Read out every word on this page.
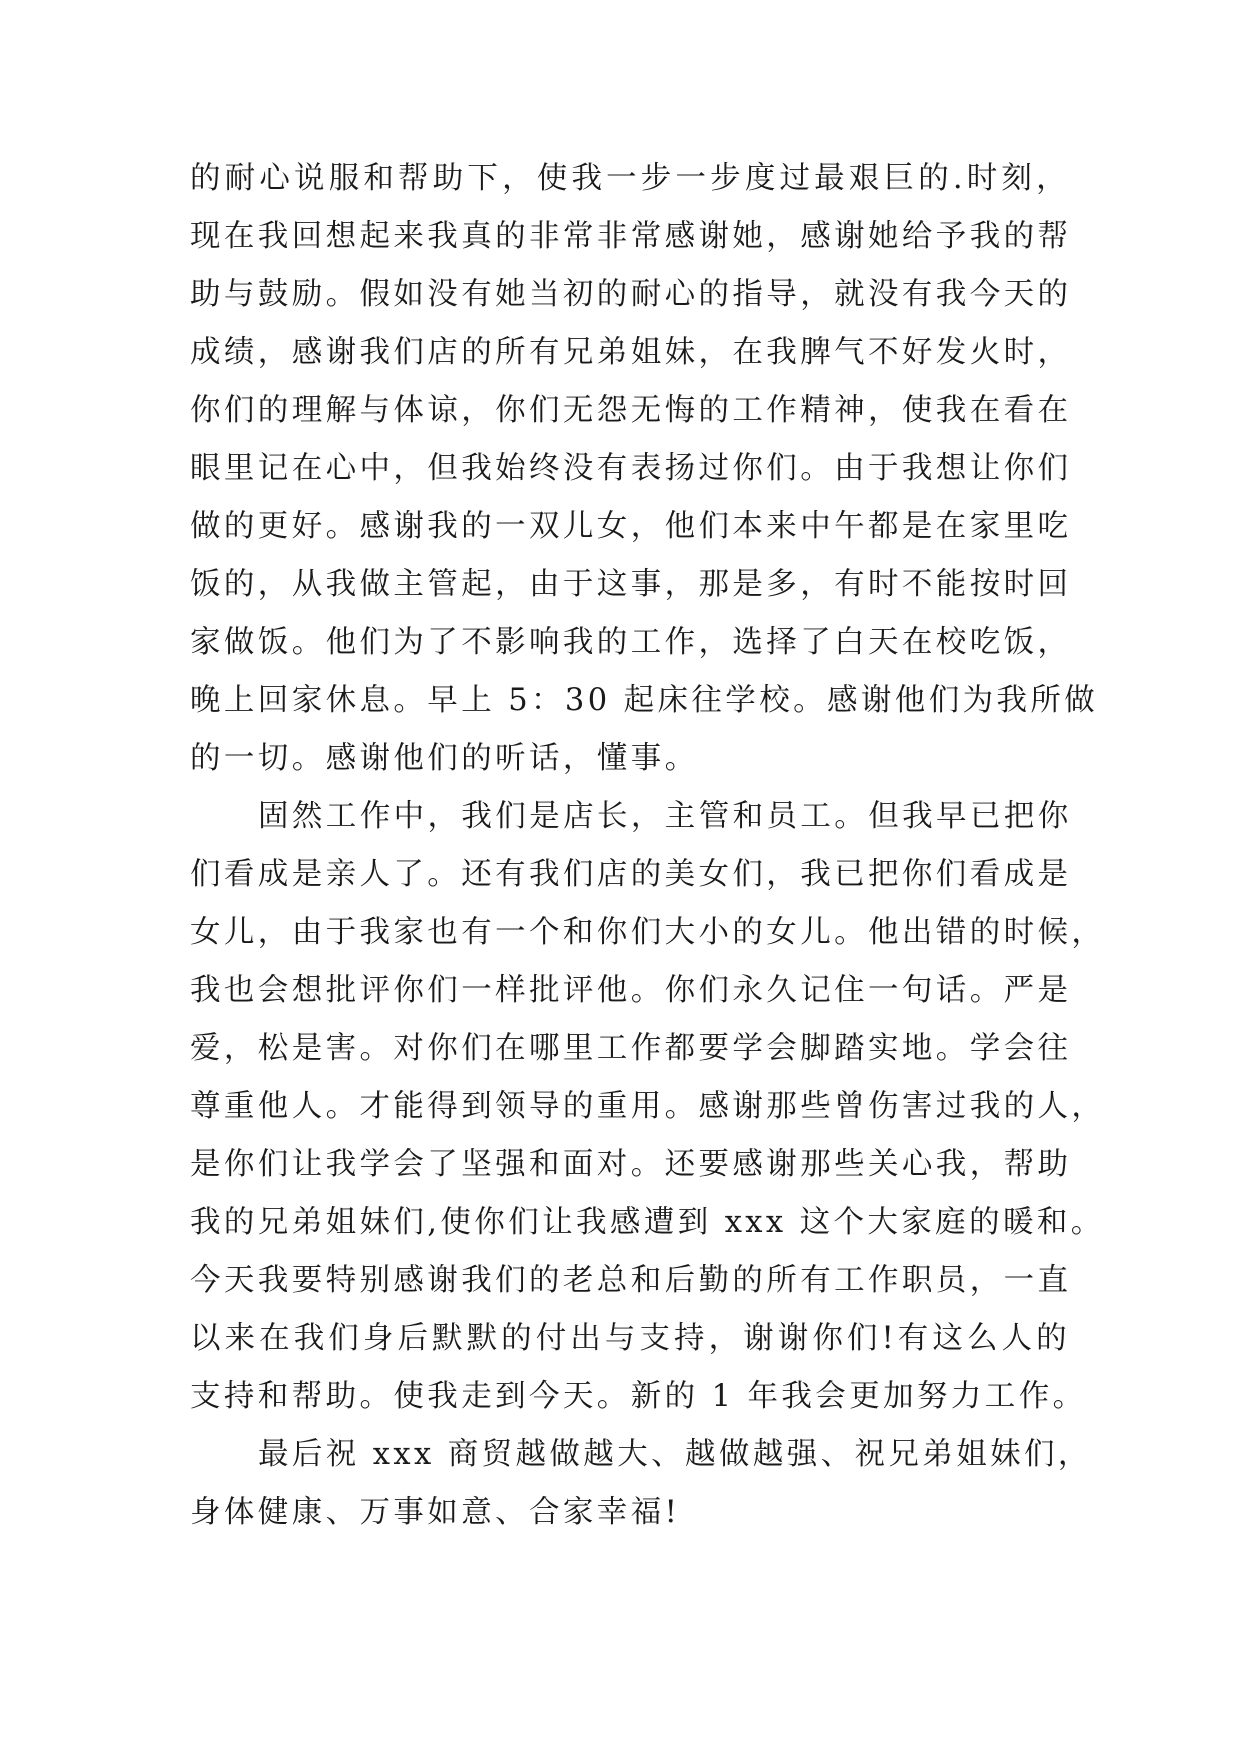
的耐心说服和帮助下，使我一步一步度过最艰巨的.时刻，
现在我回想起来我真的非常非常感谢她，感谢她给予我的帮
助与鼓励。假如没有她当初的耐心的指导，就没有我今天的
成绩，感谢我们店的所有兄弟姐妹，在我脾气不好发火时，
你们的理解与体谅，你们无怨无悔的工作精神，使我在看在
眼里记在心中，但我始终没有表扬过你们。由于我想让你们
做的更好。感谢我的一双儿女，他们本来中午都是在家里吃
饭的，从我做主管起，由于这事，那是多，有时不能按时回
家做饭。他们为了不影响我的工作，选择了白天在校吃饭，
晚上回家休息。早上 5：30 起床往学校。感谢他们为我所做
的一切。感谢他们的听话，懂事。
固然工作中，我们是店长，主管和员工。但我早已把你
们看成是亲人了。还有我们店的美女们，我已把你们看成是
女儿，由于我家也有一个和你们大小的女儿。他出错的时候，
我也会想批评你们一样批评他。你们永久记住一句话。严是
爱，松是害。对你们在哪里工作都要学会脚踏实地。学会往
尊重他人。才能得到领导的重用。感谢那些曾伤害过我的人，
是你们让我学会了坚强和面对。还要感谢那些关心我，帮助
我的兄弟姐妹们,使你们让我感遭到 xxx 这个大家庭的暖和。
今天我要特别感谢我们的老总和后勤的所有工作职员，一直
以来在我们身后默默的付出与支持，谢谢你们!有这么人的
支持和帮助。使我走到今天。新的 1 年我会更加努力工作。
最后祝 xxx 商贸越做越大、越做越强、祝兄弟姐妹们，
身体健康、万事如意、合家幸福!
